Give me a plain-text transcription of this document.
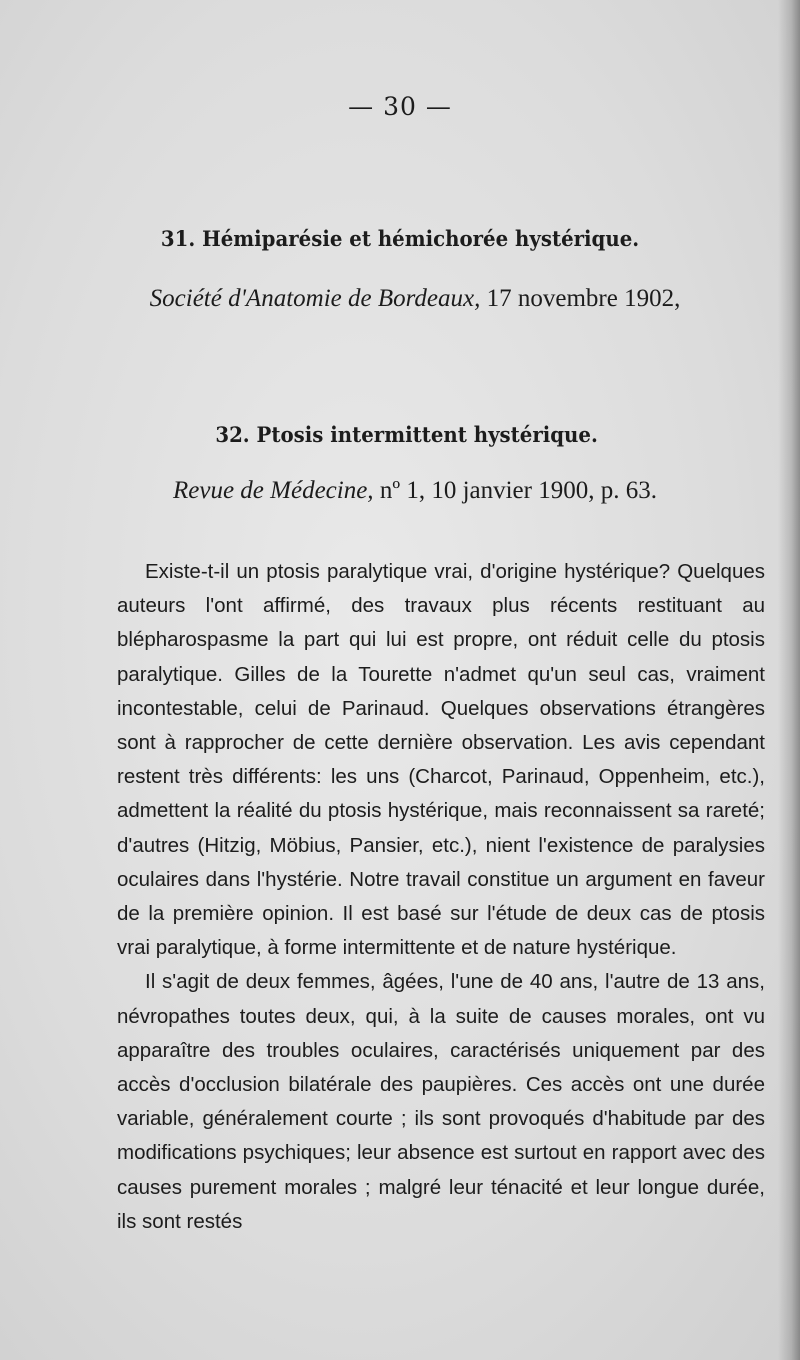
— 30 —
31. Hémiparésie et hémichorée hystérique.
Société d'Anatomie de Bordeaux, 17 novembre 1902,
32. Ptosis intermittent hystérique.
Revue de Médecine, nº 1, 10 janvier 1900, p. 63.

Existe-t-il un ptosis paralytique vrai, d'origine hystérique? Quelques auteurs l'ont affirmé, des travaux plus récents restituant au blépharospasme la part qui lui est propre, ont réduit celle du ptosis paralytique. Gilles de la Tourette n'admet qu'un seul cas, vraiment incontestable, celui de Parinaud. Quelques observations étrangères sont à rapprocher de cette dernière observation. Les avis cependant restent très différents: les uns (Charcot, Parinaud, Oppenheim, etc.), admettent la réalité du ptosis hystérique, mais reconnaissent sa rareté; d'autres (Hitzig, Möbius, Pansier, etc.), nient l'existence de paralysies oculaires dans l'hystérie. Notre travail constitue un argument en faveur de la première opinion. Il est basé sur l'étude de deux cas de ptosis vrai paralytique, à forme intermittente et de nature hystérique.

Il s'agit de deux femmes, âgées, l'une de 40 ans, l'autre de 13 ans, névropathes toutes deux, qui, à la suite de causes morales, ont vu apparaître des troubles oculaires, caractérisés uniquement par des accès d'occlusion bilatérale des paupières. Ces accès ont une durée variable, généralement courte ; ils sont provoqués d'habitude par des modifications psychiques; leur absence est surtout en rapport avec des causes purement morales ; malgré leur ténacité et leur longue durée, ils sont restés
